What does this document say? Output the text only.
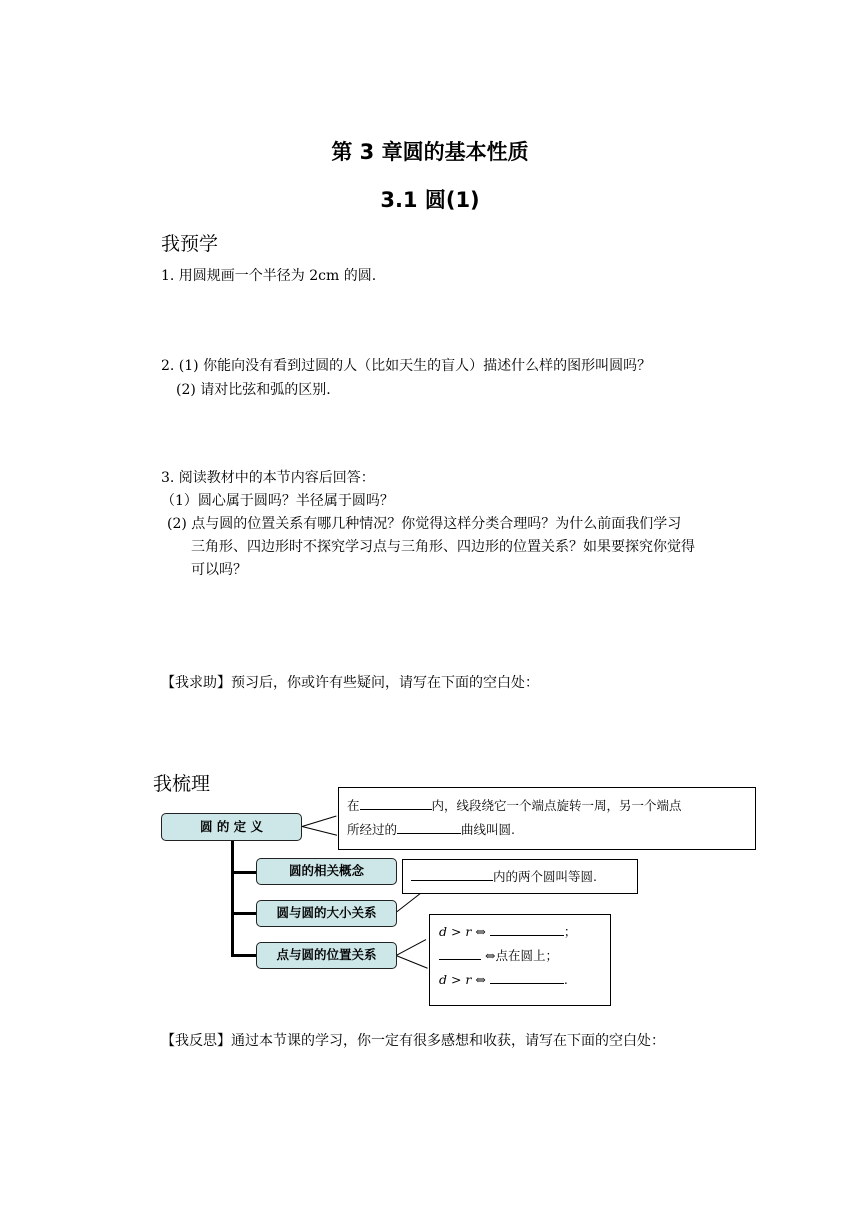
第 3 章圆的基本性质
3.1 圆(1)
我预学
1. 用圆规画一个半径为 2cm 的圆.
2. (1) 你能向没有看到过圆的人（比如天生的盲人）描述什么样的图形叫圆吗？
(2) 请对比弦和弧的区别.
3. 阅读教材中的本节内容后回答：
（1）圆心属于圆吗？半径属于圆吗？
(2) 点与圆的位置关系有哪几种情况？你觉得这样分类合理吗？为什么前面我们学习
三角形、四边形时不探究学习点与三角形、四边形的位置关系？如果要探究你觉得
可以吗？
【我求助】预习后，你或许有些疑问，请写在下面的空白处：
我梳理
圆 的 定 义
圆的相关概念
圆与圆的大小关系
点与圆的位置关系
在	内，线段绕它一个端点旋转一周，另一个端点
所经过的	曲线叫圆.
内的两个圆叫等圆.
d > r ⇔	；
⇔点在圆上；
d > r ⇔	.
【我反思】通过本节课的学习，你一定有很多感想和收获，请写在下面的空白处：
